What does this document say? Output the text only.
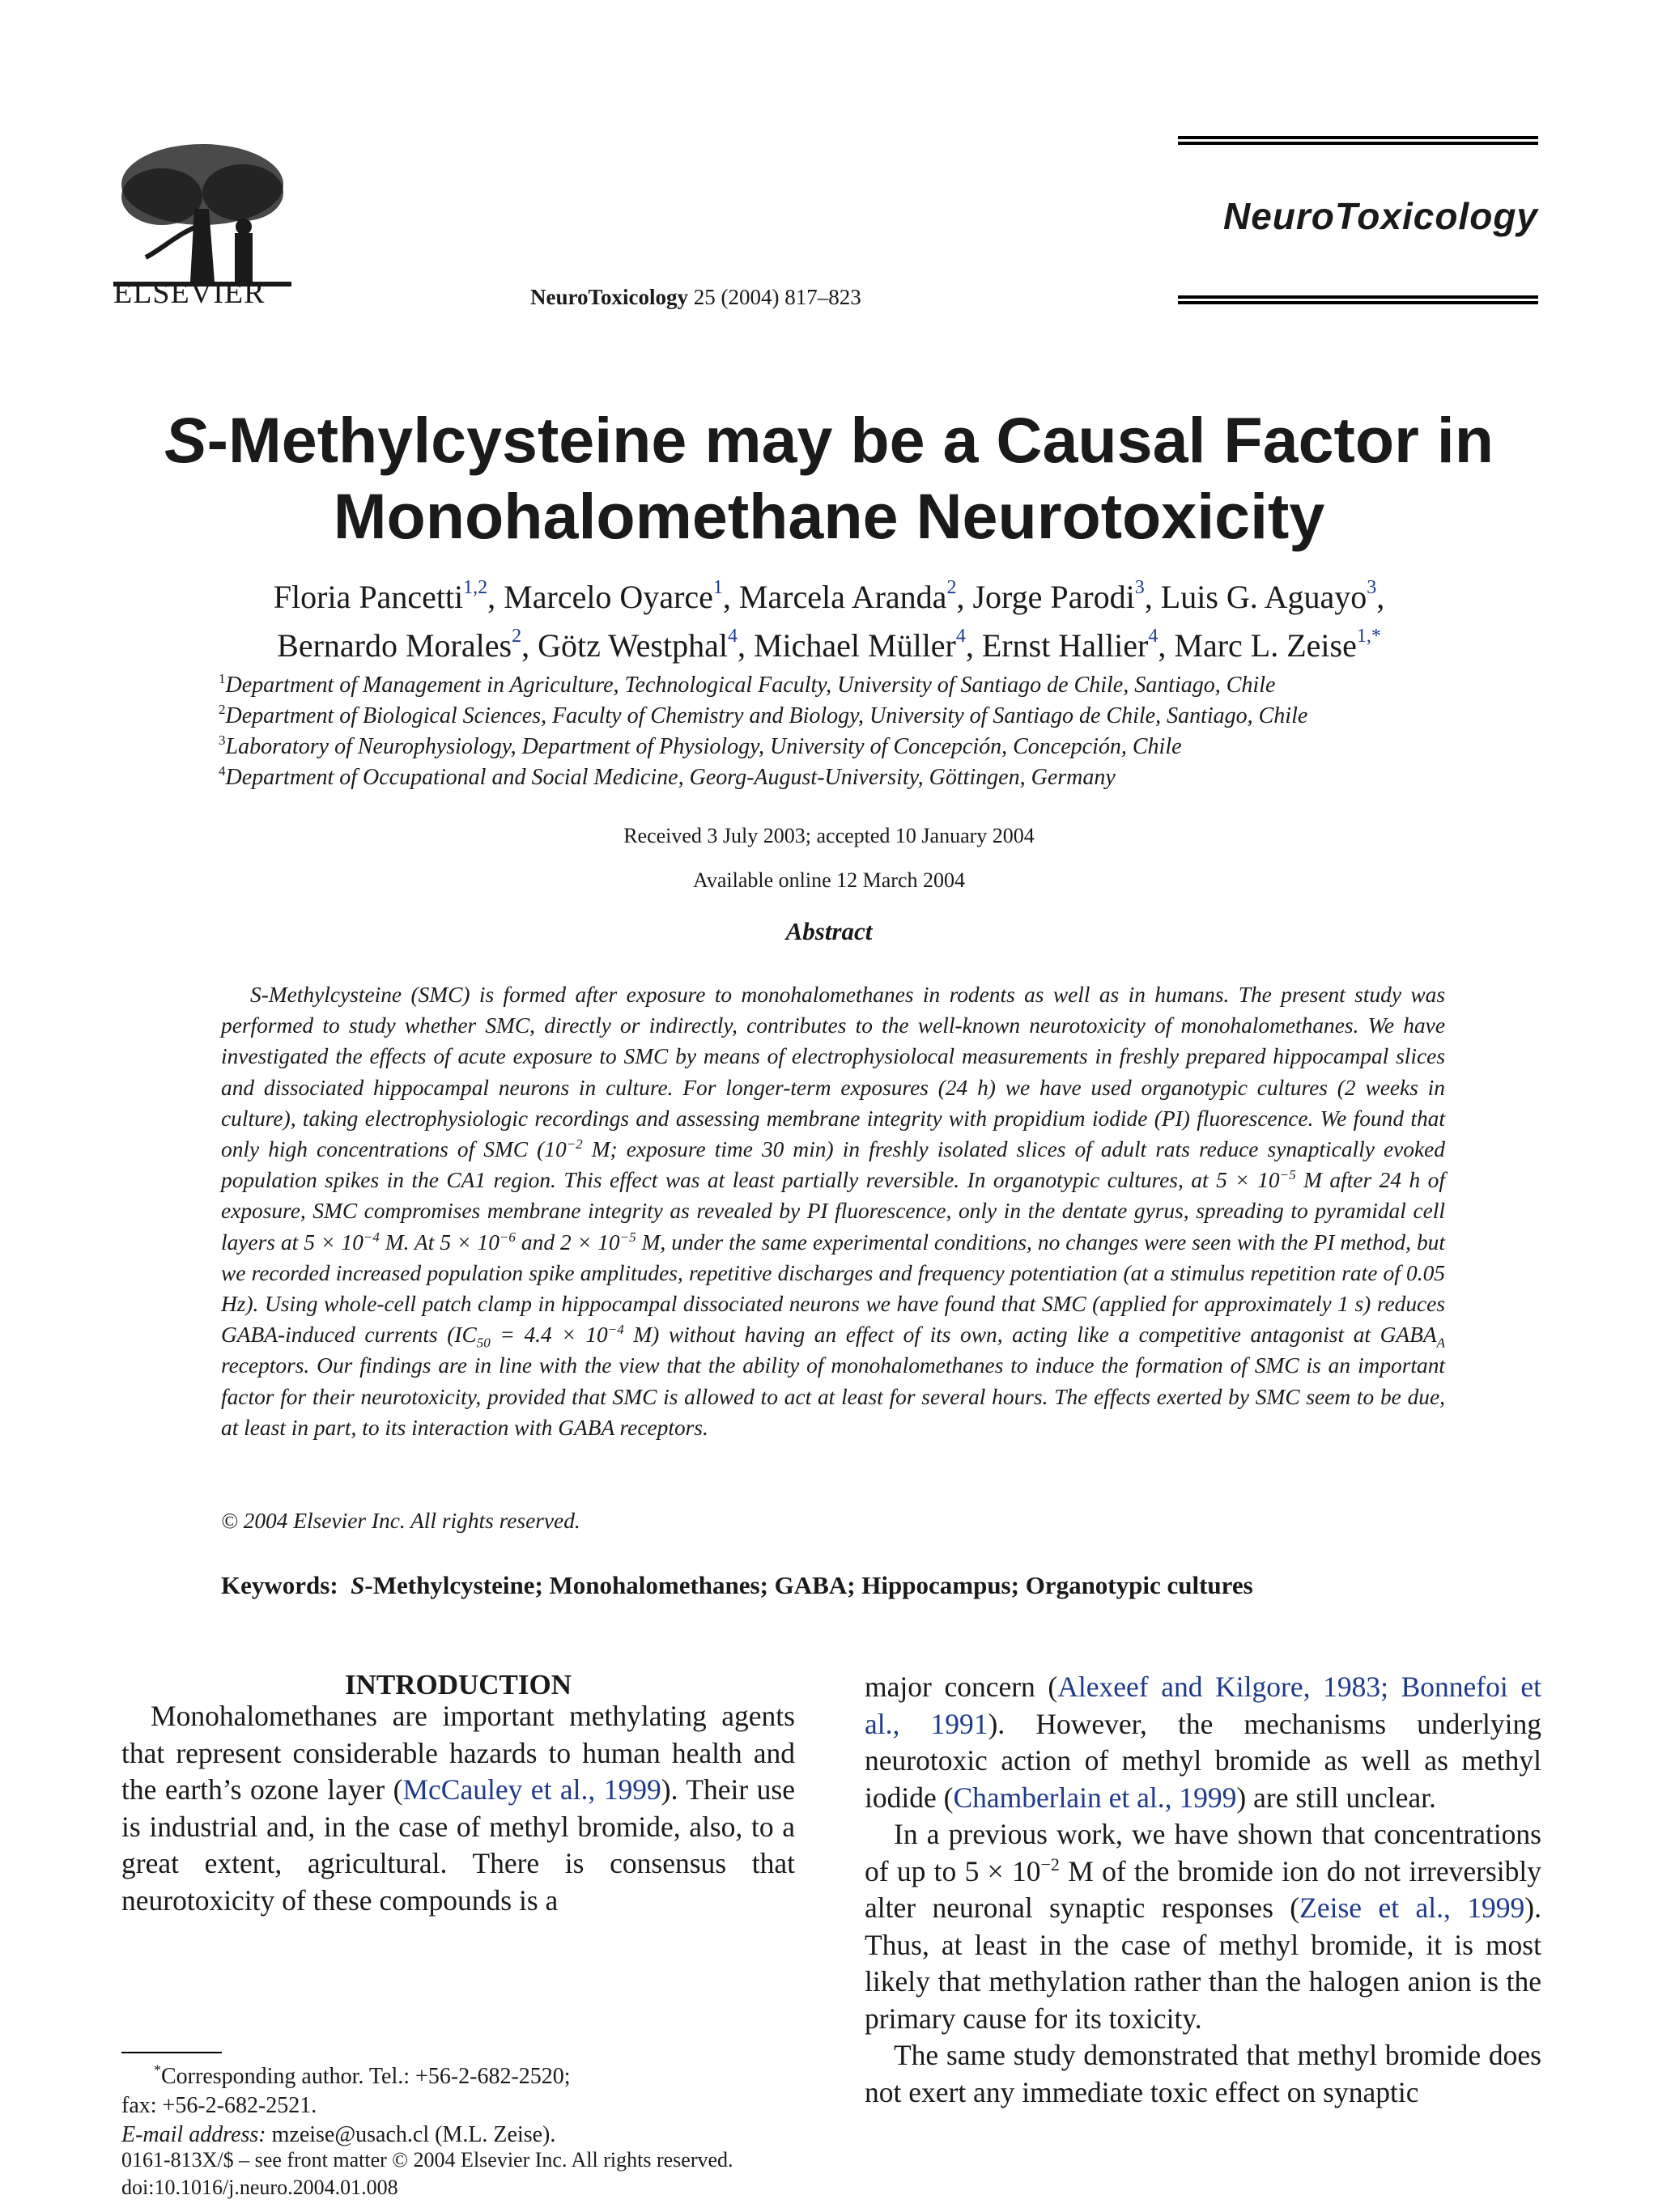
ELSEVIER	NeuroToxicology 25 (2004) 817–823
NeuroToxicology
S-Methylcysteine may be a Causal Factor in
Monohalomethane Neurotoxicity
Floria Pancetti$^{1,2}$, Marcelo Oyarce$^1$, Marcela Aranda$^2$, Jorge Parodi$^3$, Luis G. Aguayo$^3$,
Bernardo Morales$^2$, Götz Westphal$^4$, Michael Müller$^4$, Ernst Hallier$^4$, Marc L. Zeise$^{1,*}$
$^1$Department of Management in Agriculture, Technological Faculty, University of Santiago de Chile, Santiago, Chile
$^2$Department of Biological Sciences, Faculty of Chemistry and Biology, University of Santiago de Chile, Santiago, Chile
$^3$Laboratory of Neurophysiology, Department of Physiology, University of Concepción, Concepción, Chile
$^4$Department of Occupational and Social Medicine, Georg-August-University, Göttingen, Germany
Received 3 July 2003; accepted 10 January 2004
Available online 12 March 2004
Abstract
S-Methylcysteine (SMC) is formed after exposure to monohalomethanes in rodents as well as in humans. The present study was performed to study whether SMC, directly or indirectly, contributes to the well-known neurotoxicity of monohalomethanes. We have investigated the effects of acute exposure to SMC by means of electrophysiolocal measurements in freshly prepared hippocampal slices and dissociated hippocampal neurons in culture. For longer-term exposures (24 h) we have used organotypic cultures (2 weeks in culture), taking electrophysiologic recordings and assessing membrane integrity with propidium iodide (PI) fluorescence. We found that only high concentrations of SMC ($10^{-2}$ M; exposure time 30 min) in freshly isolated slices of adult rats reduce synaptically evoked population spikes in the CA1 region. This effect was at least partially reversible. In organotypic cultures, at $5 \times 10^{-5}$ M after 24 h of exposure, SMC compromises membrane integrity as revealed by PI fluorescence, only in the dentate gyrus, spreading to pyramidal cell layers at $5 \times 10^{-4}$ M. At $5 \times 10^{-6}$ and $2 \times 10^{-5}$ M, under the same experimental conditions, no changes were seen with the PI method, but we recorded increased population spike amplitudes, repetitive discharges and frequency potentiation (at a stimulus repetition rate of 0.05 Hz). Using whole-cell patch clamp in hippocampal dissociated neurons we have found that SMC (applied for approximately 1 s) reduces GABA-induced currents ($IC_{50} = 4.4 \times 10^{-4}$ M) without having an effect of its own, acting like a competitive antagonist at $GABA_A$ receptors. Our findings are in line with the view that the ability of monohalomethanes to induce the formation of SMC is an important factor for their neurotoxicity, provided that SMC is allowed to act at least for several hours. The effects exerted by SMC seem to be due, at least in part, to its interaction with GABA receptors.
© 2004 Elsevier Inc. All rights reserved.
Keywords: S-Methylcysteine; Monohalomethanes; GABA; Hippocampus; Organotypic cultures
INTRODUCTION

Monohalomethanes are important methylating agents that represent considerable hazards to human health and the earth’s ozone layer (McCauley et al., 1999). Their use is industrial and, in the case of methyl bromide, also, to a great extent, agricultural. There is consensus that neurotoxicity of these compounds is a

major concern (Alexeef and Kilgore, 1983; Bonnefoi et al., 1991). However, the mechanisms underlying neurotoxic action of methyl bromide as well as methyl iodide (Chamberlain et al., 1999) are still unclear.

In a previous work, we have shown that concentrations of up to $5 \times 10^{-2}$ M of the bromide ion do not irreversibly alter neuronal synaptic responses (Zeise et al., 1999). Thus, at least in the case of methyl bromide, it is most likely that methylation rather than the halogen anion is the primary cause for its toxicity.

The same study demonstrated that methyl bromide does not exert any immediate toxic effect on synaptic

*Corresponding author. Tel.: +56-2-682-2520;
fax: +56-2-682-2521.
E-mail address: mzeise@usach.cl (M.L. Zeise).
0161-813X/$ – see front matter © 2004 Elsevier Inc. All rights reserved.
doi:10.1016/j.neuro.2004.01.008
